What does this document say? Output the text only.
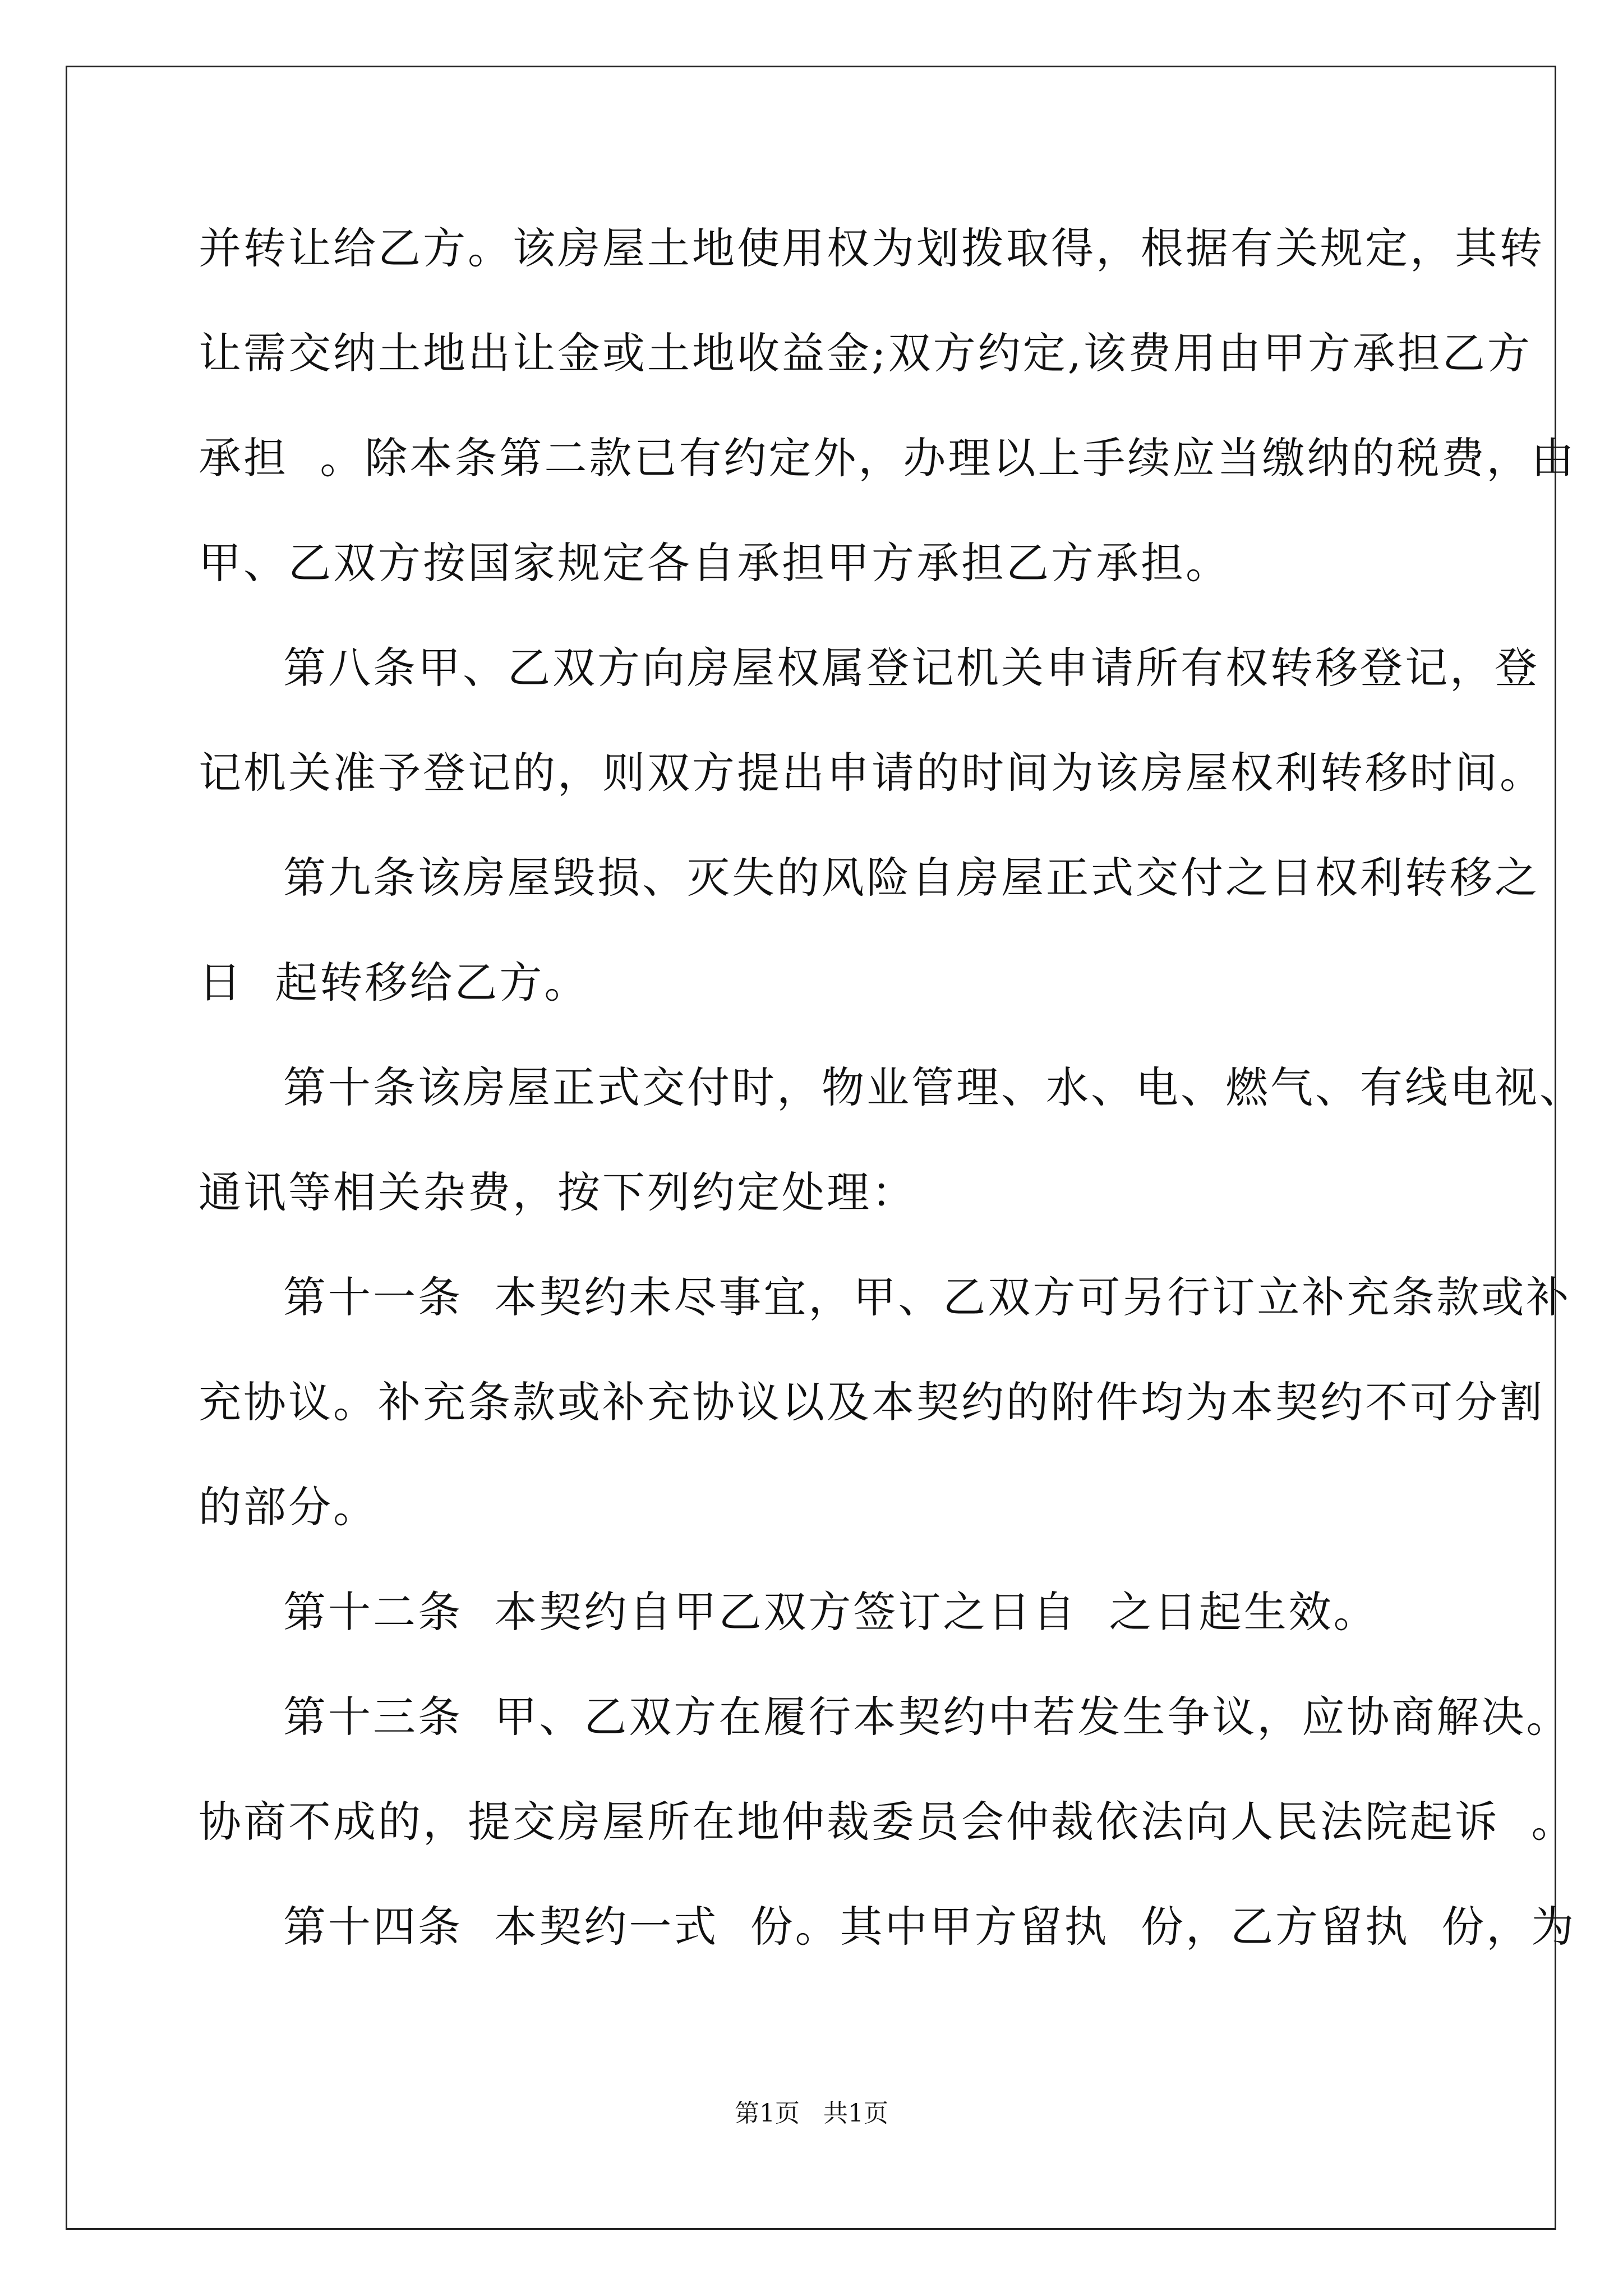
并转让给乙方。该房屋土地使用权为划拨取得，根据有关规定，其转
让需交纳土地出让金或土地收益金;双方约定,该费用由甲方承担乙方
承担  。除本条第二款已有约定外，办理以上手续应当缴纳的税费，由
甲、乙双方按国家规定各自承担甲方承担乙方承担。
第八条甲、乙双方向房屋权属登记机关申请所有权转移登记，登
记机关准予登记的，则双方提出申请的时间为该房屋权利转移时间。
第九条该房屋毁损、灭失的风险自房屋正式交付之日权利转移之
日  起转移给乙方。
第十条该房屋正式交付时，物业管理、水、电、燃气、有线电视、
通讯等相关杂费，按下列约定处理：
第十一条  本契约未尽事宜，甲、乙双方可另行订立补充条款或补
充协议。补充条款或补充协议以及本契约的附件均为本契约不可分割
的部分。
第十二条  本契约自甲乙双方签订之日自  之日起生效。
第十三条  甲、乙双方在履行本契约中若发生争议，应协商解决。
协商不成的，提交房屋所在地仲裁委员会仲裁依法向人民法院起诉  。
第十四条  本契约一式  份。其中甲方留执  份，乙方留执  份，为
第1页   共1页
